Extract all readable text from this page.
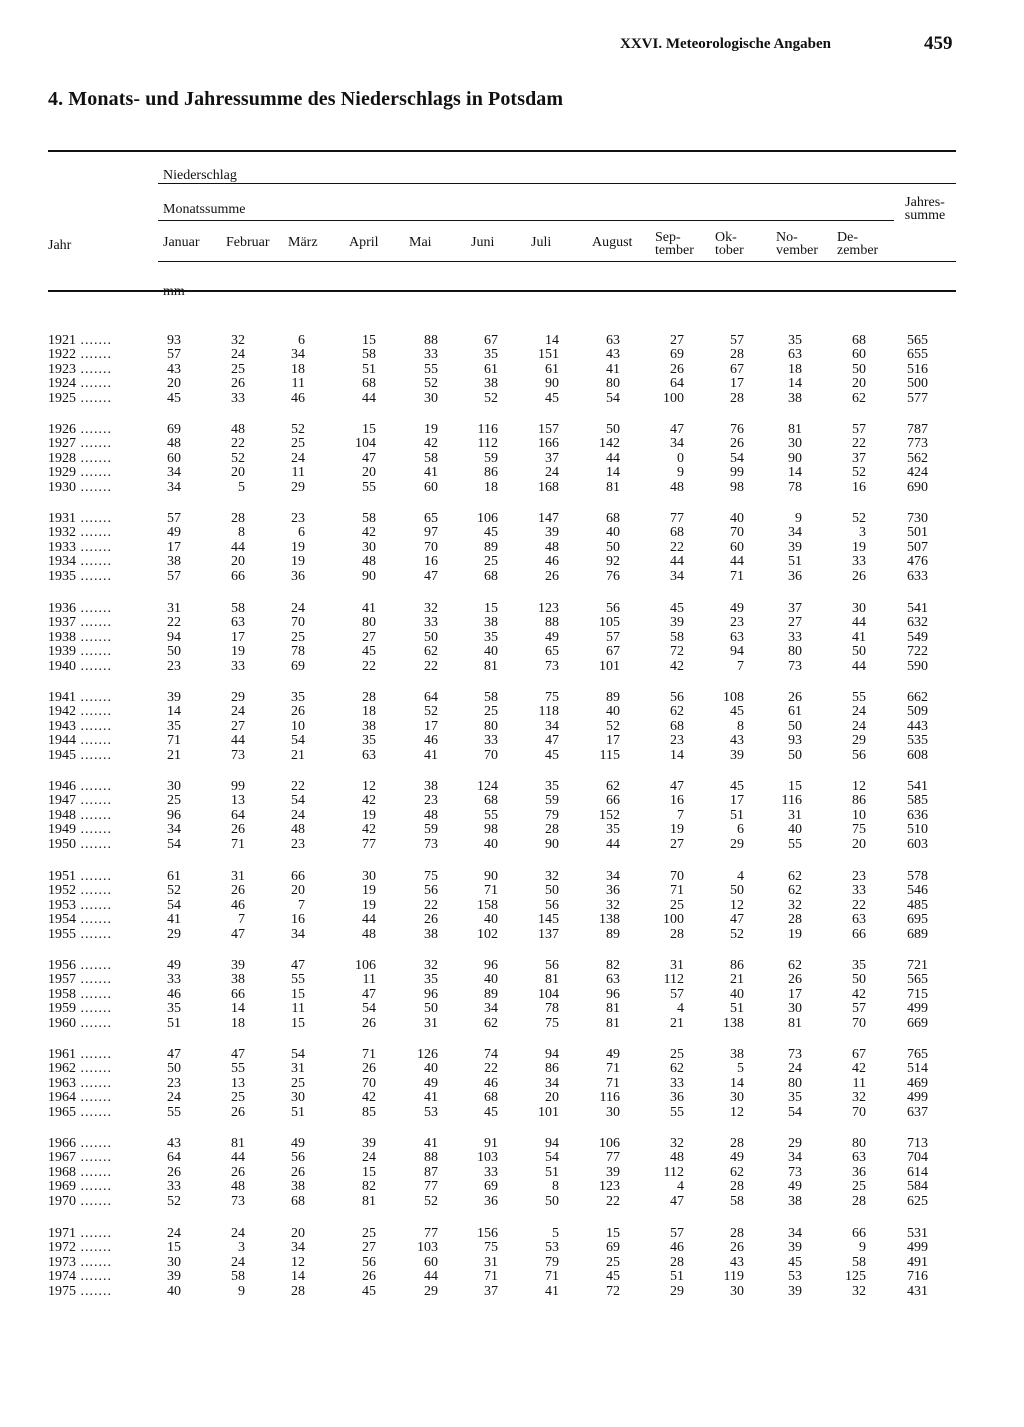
XXVI. Meteorologische Angaben	459
4. Monats- und Jahressumme des Niederschlags in Potsdam
Niederschlag
Monatssumme
Jahr
Jahres-
summe
Januar Februar März April Mai	Juni	Juli	August Sep-
tember
Ok-
tober
No-
vember
De-
zember
mm
1921 .......	93	32	6	15	88	67	14	63	27	57	35	68	565
1922 .......	57	24	34	58	33	35	151	43	69	28	63	60	655
1923 .......	43	25	18	51	55	61	61	41	26	67	18	50	516
1924 .......	20	26	11	68	52	38	90	80	64	17	14	20	500
1925 .......	45	33	46	44	30	52	45	54	100	28	38	62	577
1926 .......	69	48	52	15	19	116	157	50	47	76	81	57	787
1927 .......	48	22	25	104	42	112	166	142	34	26	30	22	773
1928 .......	60	52	24	47	58	59	37	44	0	54	90	37	562
1929 .......	34	20	11	20	41	86	24	14	9	99	14	52	424
1930 .......	34	5	29	55	60	18	168	81	48	98	78	16	690
1931 .......	57	28	23	58	65	106	147	68	77	40	9	52	730
1932 .......	49	8	6	42	97	45	39	40	68	70	34	3	501
1933 .......	17	44	19	30	70	89	48	50	22	60	39	19	507
1934 .......	38	20	19	48	16	25	46	92	44	44	51	33	476
1935 .......	57	66	36	90	47	68	26	76	34	71	36	26	633
1936 .......	31	58	24	41	32	15	123	56	45	49	37	30	541
1937 .......	22	63	70	80	33	38	88	105	39	23	27	44	632
1938 .......	94	17	25	27	50	35	49	57	58	63	33	41	549
1939 .......	50	19	78	45	62	40	65	67	72	94	80	50	722
1940 .......	23	33	69	22	22	81	73	101	42	7	73	44	590
1941 .......	39	29	35	28	64	58	75	89	56	108	26	55	662
1942 .......	14	24	26	18	52	25	118	40	62	45	61	24	509
1943 .......	35	27	10	38	17	80	34	52	68	8	50	24	443
1944 .......	71	44	54	35	46	33	47	17	23	43	93	29	535
1945 .......	21	73	21	63	41	70	45	115	14	39	50	56	608
1946 .......	30	99	22	12	38	124	35	62	47	45	15	12	541
1947 .......	25	13	54	42	23	68	59	66	16	17	116	86	585
1948 .......	96	64	24	19	48	55	79	152	7	51	31	10	636
1949 .......	34	26	48	42	59	98	28	35	19	6	40	75	510
1950 .......	54	71	23	77	73	40	90	44	27	29	55	20	603
1951 .......	61	31	66	30	75	90	32	34	70	4	62	23	578
1952 .......	52	26	20	19	56	71	50	36	71	50	62	33	546
1953 .......	54	46	7	19	22	158	56	32	25	12	32	22	485
1954 .......	41	7	16	44	26	40	145	138	100	47	28	63	695
1955 .......	29	47	34	48	38	102	137	89	28	52	19	66	689
1956 .......	49	39	47	106	32	96	56	82	31	86	62	35	721
1957 .......	33	38	55	11	35	40	81	63	112	21	26	50	565
1958 .......	46	66	15	47	96	89	104	96	57	40	17	42	715
1959 .......	35	14	11	54	50	34	78	81	4	51	30	57	499
1960 .......	51	18	15	26	31	62	75	81	21	138	81	70	669
1961 .......	47	47	54	71	126	74	94	49	25	38	73	67	765
1962 .......	50	55	31	26	40	22	86	71	62	5	24	42	514
1963 .......	23	13	25	70	49	46	34	71	33	14	80	11	469
1964 .......	24	25	30	42	41	68	20	116	36	30	35	32	499
1965 .......	55	26	51	85	53	45	101	30	55	12	54	70	637
1966 .......	43	81	49	39	41	91	94	106	32	28	29	80	713
1967 .......	64	44	56	24	88	103	54	77	48	49	34	63	704
1968 .......	26	26	26	15	87	33	51	39	112	62	73	36	614
1969 .......	33	48	38	82	77	69	8	123	4	28	49	25	584
1970 .......	52	73	68	81	52	36	50	22	47	58	38	28	625
1971 .......	24	24	20	25	77	156	5	15	57	28	34	66	531
1972 .......	15	3	34	27	103	75	53	69	46	26	39	9	499
1973 .......	30	24	12	56	60	31	79	25	28	43	45	58	491
1974 .......	39	58	14	26	44	71	71	45	51	119	53	125	716
1975 .......	40	9	28	45	29	37	41	72	29	30	39	32	431
